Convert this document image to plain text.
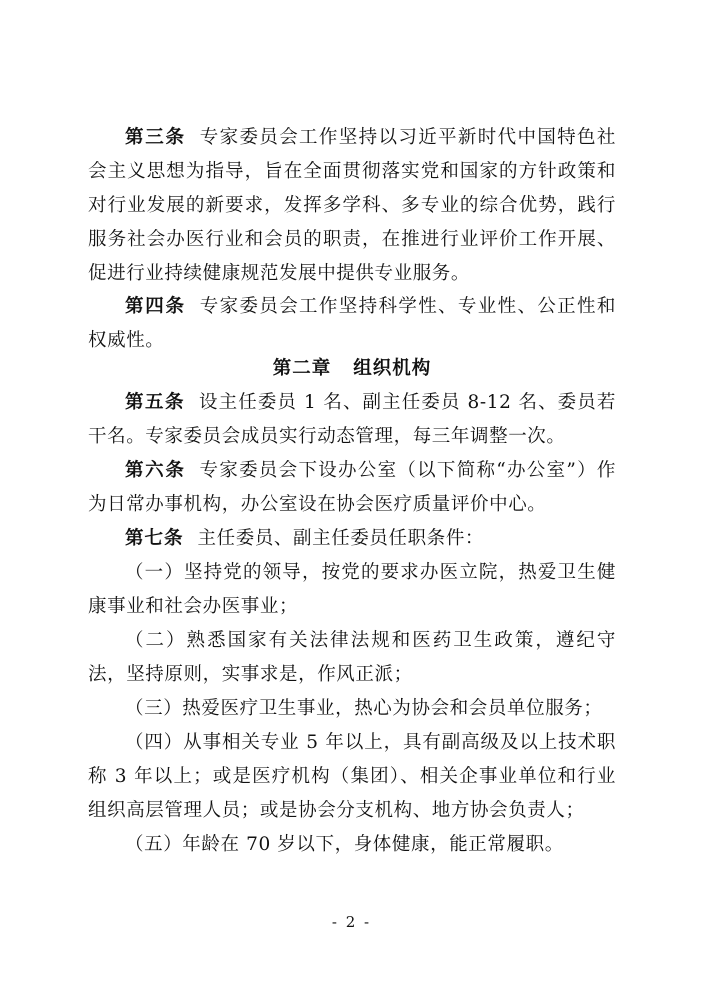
第三条 专家委员会工作坚持以习近平新时代中国特色社会主义思想为指导，旨在全面贯彻落实党和国家的方针政策和对行业发展的新要求，发挥多学科、多专业的综合优势，践行服务社会办医行业和会员的职责，在推进行业评价工作开展、促进行业持续健康规范发展中提供专业服务。

第四条 专家委员会工作坚持科学性、专业性、公正性和权威性。

第二章 组织机构

第五条 设主任委员 1 名、副主任委员 8-12 名、委员若干名。专家委员会成员实行动态管理，每三年调整一次。

第六条 专家委员会下设办公室（以下简称“办公室”）作为日常办事机构，办公室设在协会医疗质量评价中心。

第七条 主任委员、副主任委员任职条件：

（一）坚持党的领导，按党的要求办医立院，热爱卫生健康事业和社会办医事业；

（二）熟悉国家有关法律法规和医药卫生政策，遵纪守法，坚持原则，实事求是，作风正派；

（三）热爱医疗卫生事业，热心为协会和会员单位服务；

（四）从事相关专业 5 年以上，具有副高级及以上技术职称 3 年以上；或是医疗机构（集团）、相关企事业单位和行业组织高层管理人员；或是协会分支机构、地方协会负责人；

（五）年龄在 70 岁以下，身体健康，能正常履职。

- 2 -
